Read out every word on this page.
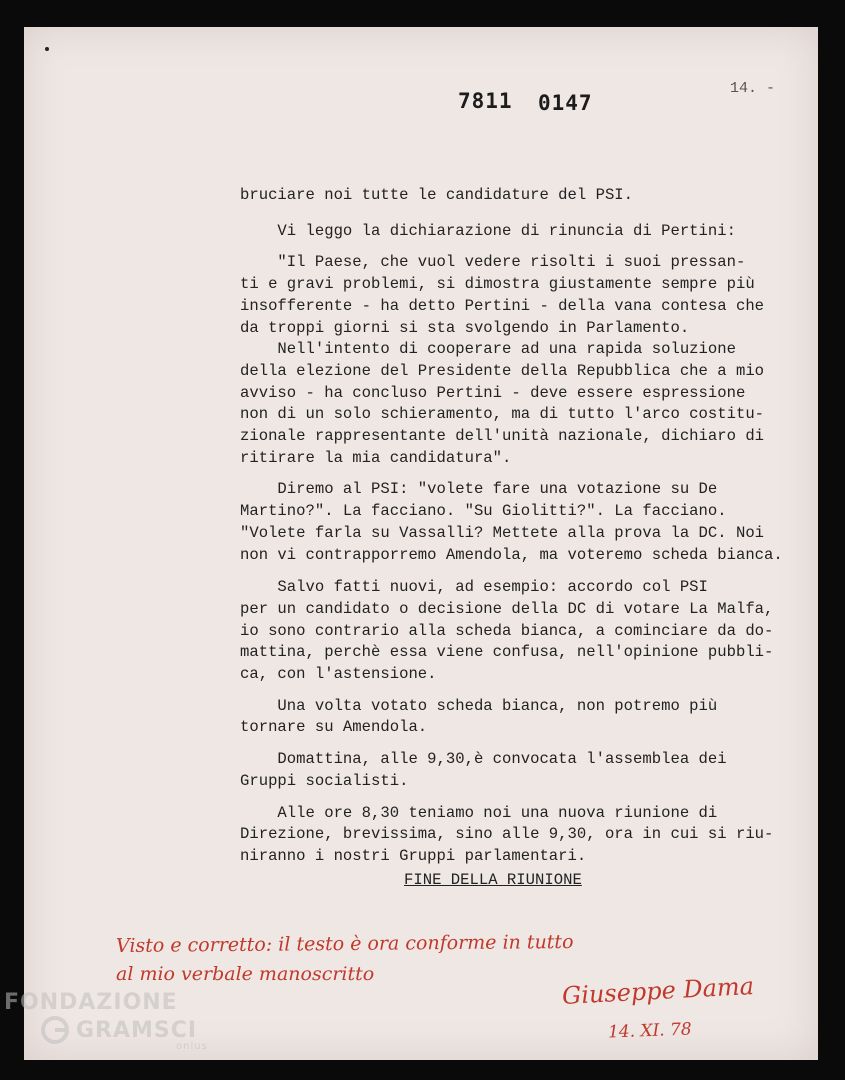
7811 0147
14. -

bruciare noi tutte le candidature del PSI.

Vi leggo la dichiarazione di rinuncia di Pertini:

"Il Paese, che vuol vedere risolti i suoi pressan-

ti e gravi problemi, si dimostra giustamente sempre più

insofferente - ha detto Pertini - della vana contesa che

da troppi giorni si sta svolgendo in Parlamento.

Nell'intento di cooperare ad una rapida soluzione

della elezione del Presidente della Repubblica che a mio

avviso - ha concluso Pertini - deve essere espressione

non di un solo schieramento, ma di tutto l'arco costitu-

zionale rappresentante dell'unità nazionale, dichiaro di

ritirare la mia candidatura".

Diremo al PSI: "volete fare una votazione su De

Martino?". La facciano. "Su Giolitti?". La facciano.

"Volete farla su Vassalli? Mettete alla prova la DC. Noi

non vi contrapporremo Amendola, ma voteremo scheda bianca.

Salvo fatti nuovi, ad esempio: accordo col PSI

per un candidato o decisione della DC di votare La Malfa,

io sono contrario alla scheda bianca, a cominciare da do-

mattina, perchè essa viene confusa, nell'opinione pubbli-

ca, con l'astensione.

Una volta votato scheda bianca, non potremo più

tornare su Amendola.

Domattina, alle 9,30,è convocata l'assemblea dei

Gruppi socialisti.

Alle ore 8,30 teniamo noi una nuova riunione di

Direzione, brevissima, sino alle 9,30, ora in cui si riu-

niranno i nostri Gruppi parlamentari.

FINE DELLA RIUNIONE
Visto e corretto: il testo è ora conforme in tutto
al mio verbale manoscritto	Giuseppe Dama
14. XI. 78
FONDAZIONE
GRAMSCI
onlus
